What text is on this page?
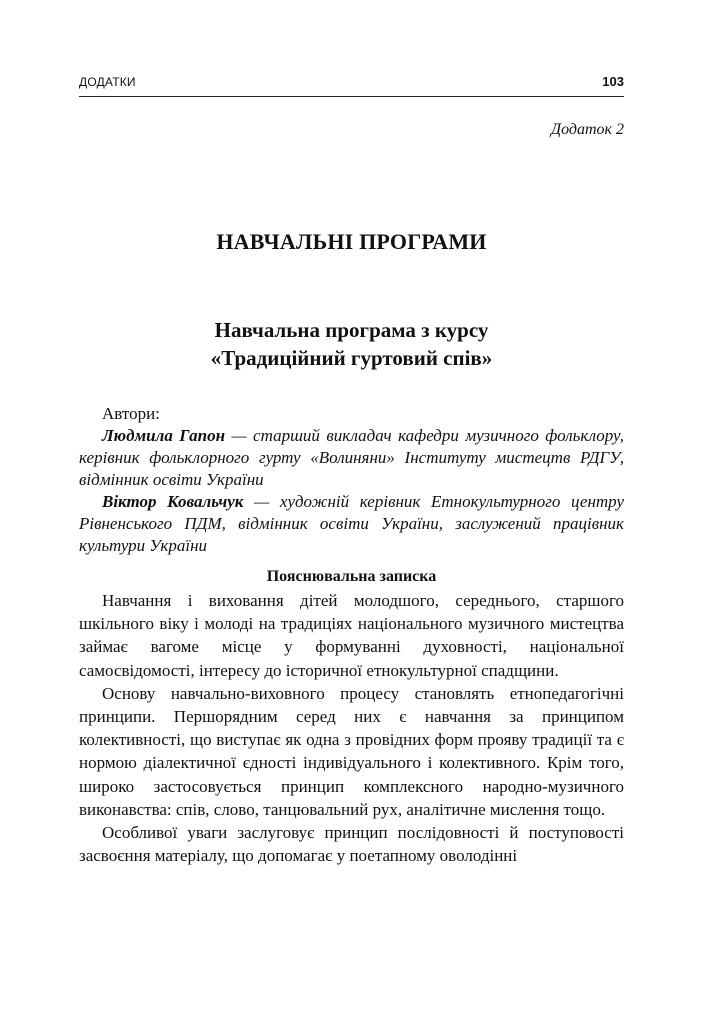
ДОДАТКИ	103
Додаток 2
НАВЧАЛЬНІ ПРОГРАМИ
Навчальна програма з курсу
«Традиційний гуртовий спів»
Автори:

Людмила Гапон — старший викладач кафедри музичного фольклору, керівник фольклорного гурту «Волиняни» Інституту мистецтв РДГУ, відмінник освіти України

Віктор Ковальчук — художній керівник Етнокультурного центру Рівненського ПДМ, відмінник освіти України, заслужений працівник культури України

Пояснювальна записка

Навчання і виховання дітей молодшого, середнього, старшого шкільного віку і молоді на традиціях національного музичного мистецтва займає вагоме місце у формуванні духовності, національної самосвідомості, інтересу до історичної етнокультурної спадщини.

Основу навчально-виховного процесу становлять етнопедагогічні принципи. Першорядним серед них є навчання за принципом колективності, що виступає як одна з провідних форм прояву традиції та є нормою діалектичної єдності індивідуального і колективного. Крім того, широко застосовується принцип комплексного народно-музичного виконавства: спів, слово, танцювальний рух, аналітичне мислення тощо.

Особливої уваги заслуговує принцип послідовності й поступовості засвоєння матеріалу, що допомагає у поетапному оволодінні
